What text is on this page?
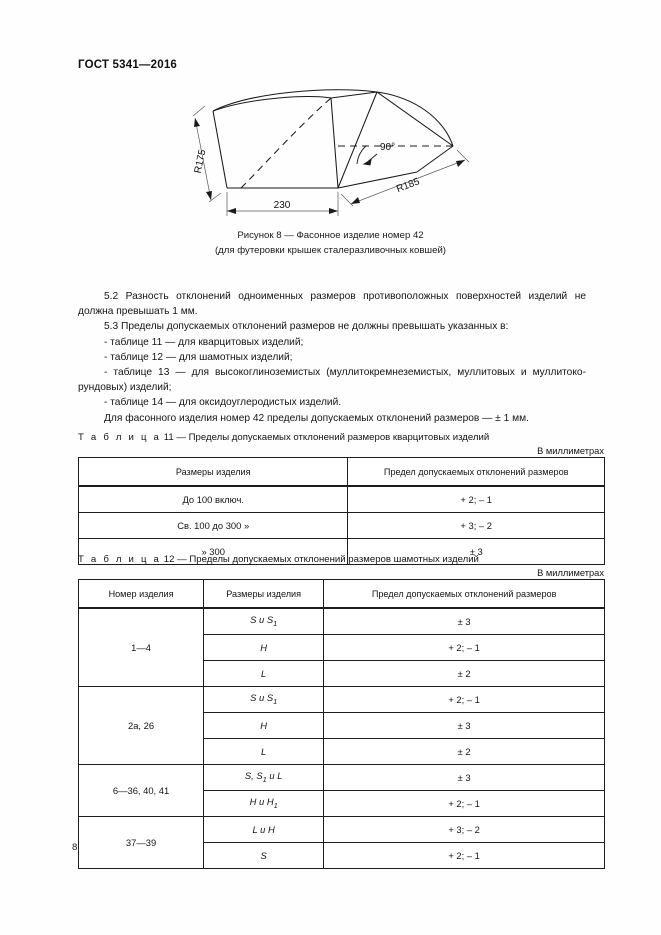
ГОСТ 5341—2016
R175
230
R185
90°
Рисунок 8 — Фасонное изделие номер 42
(для футеровки крышек сталеразливочных ковшей)

5.2 Разность отклонений одноименных размеров противоположных поверхностей изделий не должна превышать 1 мм.

5.3 Пределы допускаемых отклонений размеров не должны превышать указанных в:

- таблице 11 — для кварцитовых изделий;

- таблице 12 — для шамотных изделий;

- таблице 13 — для высокоглиноземистых (муллитокремнеземистых, муллитовых и муллитокорундовых) изделий;

- таблице 14 — для оксидоуглеродистых изделий.

Для фасонного изделия номер 42 пределы допускаемых отклонений размеров — ± 1 мм.

Т а б л и ц а 11 — Пределы допускаемых отклонений размеров кварцитовых изделий
В миллиметрах
Размеры изделия	Предел допускаемых отклонений размеров
До 100 включ.	+ 2; – 1
Св. 100 до 300 »	+ 3; – 2
» 300	± 3
Т а б л и ц а 12 — Пределы допускаемых отклонений размеров шамотных изделий
В миллиметрах
Номер изделия	Размеры изделия	Предел допускаемых отклонений размеров
1—4	S и $S_1$	± 3
	H	+ 2; – 1
	L	± 2
2а, 26	S и $S_1$	+ 2; – 1
	H	± 3
	L	± 2
6—36, 40, 41	S, $S_1$ и L	± 3
	H и $H_1$	+ 2; – 1
37—39	L и H	+ 3; – 2
	S	+ 2; – 1
8
